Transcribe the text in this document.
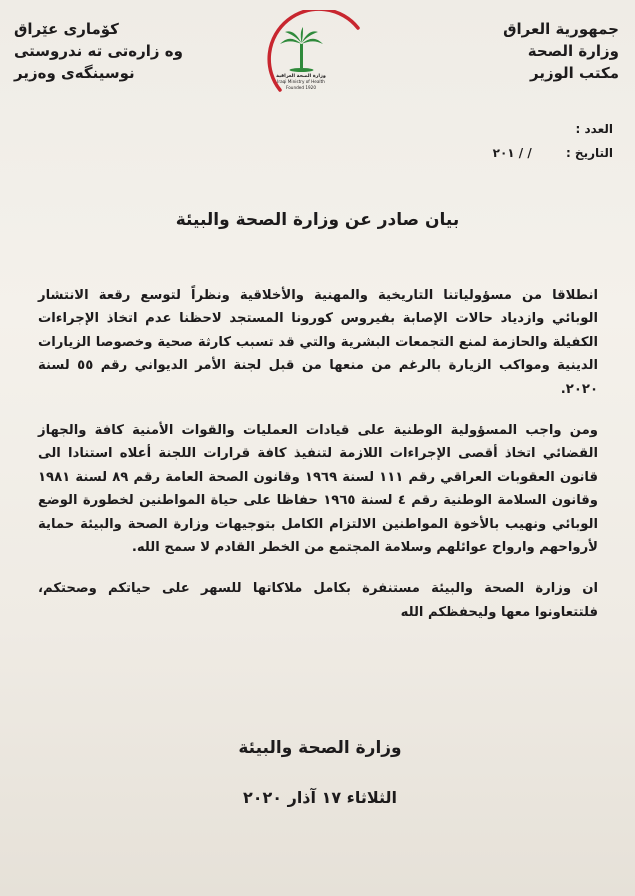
جمهورية العراق
وزارة الصحة
مكتب الوزير
وزارة الصحة العراقية
Iraqi Ministry of Health
Founded 1920
كۆماری عێراق
وه زارەتی ته ندروستی
نوسینگەی وەزیر
العدد :
التاريخ : / / ٢٠١
بيان صادر عن وزارة الصحة والبيئة

انطلاقا من مسؤولياتنا التاريخية والمهنية والأخلاقية ونظراً لتوسع رقعة الانتشار الوبائي وازدياد حالات الإصابة بفيروس كورونا المستجد لاحظنا عدم اتخاذ الإجراءات الكفيلة والحازمة لمنع التجمعات البشرية والتي قد تسبب كارثة صحية وخصوصا الزيارات الدينية ومواكب الزيارة بالرغم من منعها من قبل لجنة الأمر الديواني رقم ٥٥ لسنة ٢٠٢٠.

ومن واجب المسؤولية الوطنية على قيادات العمليات والقوات الأمنية كافة والجهاز القضائي اتخاذ أقصى الإجراءات اللازمة لتنفيذ كافة قرارات اللجنة أعلاه استنادا الى قانون العقوبات العراقي رقم ١١١ لسنة ١٩٦٩ وقانون الصحة العامة رقم ٨٩ لسنة ١٩٨١ وقانون السلامة الوطنية رقم ٤ لسنة ١٩٦٥ حفاظا على حياة المواطنين لخطورة الوضع الوبائي ونهيب بالأخوة المواطنين الالتزام الكامل بتوجيهات وزارة الصحة والبيئة حماية لأرواحهم وارواح عوائلهم وسلامة المجتمع من الخطر القادم لا سمح الله.

ان وزارة الصحة والبيئة مستنفرة بكامل ملاكاتها للسهر على حياتكم وصحتكم، فلتتعاونوا معها وليحفظكم الله

وزارة الصحة والبيئة
الثلاثاء ١٧ آذار ٢٠٢٠
